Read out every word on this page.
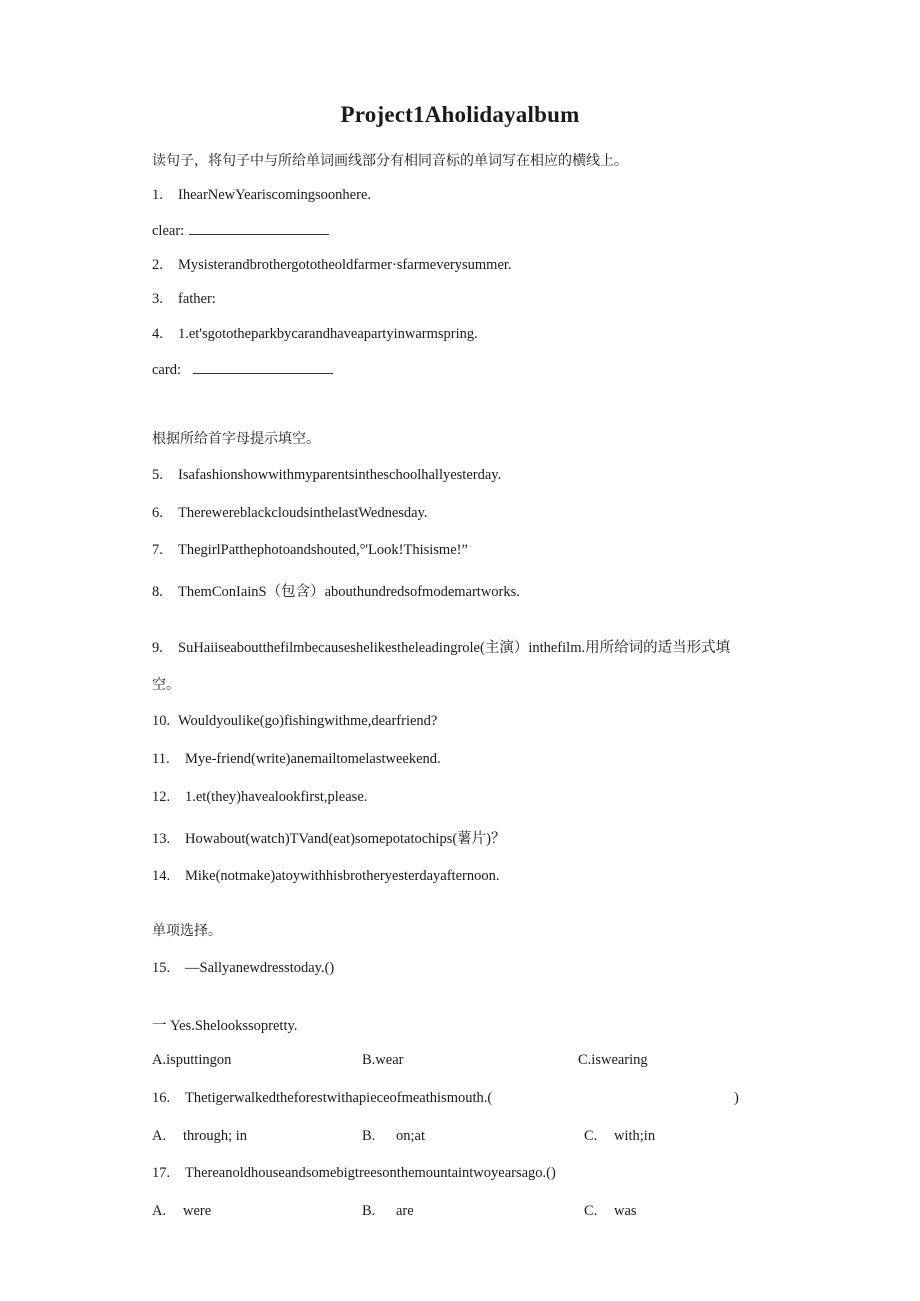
Project1Aholidayalbum
读句子，将句子中与所给单词画线部分有相同音标的单词写在相应的横线上。
1. IhearNewYeariscomingsoonhere.
clear:
2. Mysisterandbrothergototheoldfarmer·sfarmeverysummer.
3. father:
4. 1.et'sgototheparkbycarandhaveapartyinwarmspring.
card:
根据所给首字母提示填空。
5. Isafashionshowwithmyparentsintheschoolhallyesterday.
6. TherewereblackcloudsinthelastWednesday.
7. ThegirlPatthephotoandshouted,°'Look!Thisisme!”
8. ThemConIainS（包含）abouthundredsofmodemartworks.
9. SuHaiiseaboutthefilmbecauseshelikestheleadingrole(主演）inthefilm.用所给词的适当形式填
空。
10. Wouldyoulike(go)fishingwithme,dearfriend?
11. Mye-friend(write)anemailtomelastweekend.
12. 1.et(they)havealookfirst,please.
13. Howabout(watch)TVand(eat)somepotatochips(薯片)？
14. Mike(notmake)atoywithhisbrotheryesterdayafternoon.
单项选择。
15. —Sallyanewdresstoday.()
一 Yes.Shelookssopretty.
A.isputtingon	B.wear	C.iswearing
16. Thetigerwalkedtheforestwithapieceofmeathismouth.(	)
A. through; in	B. on;at	C. with;in
17. Thereanoldhouseandsomebigtreesonthemountaintwoyearsago.()
A. were	B. are	C. was
